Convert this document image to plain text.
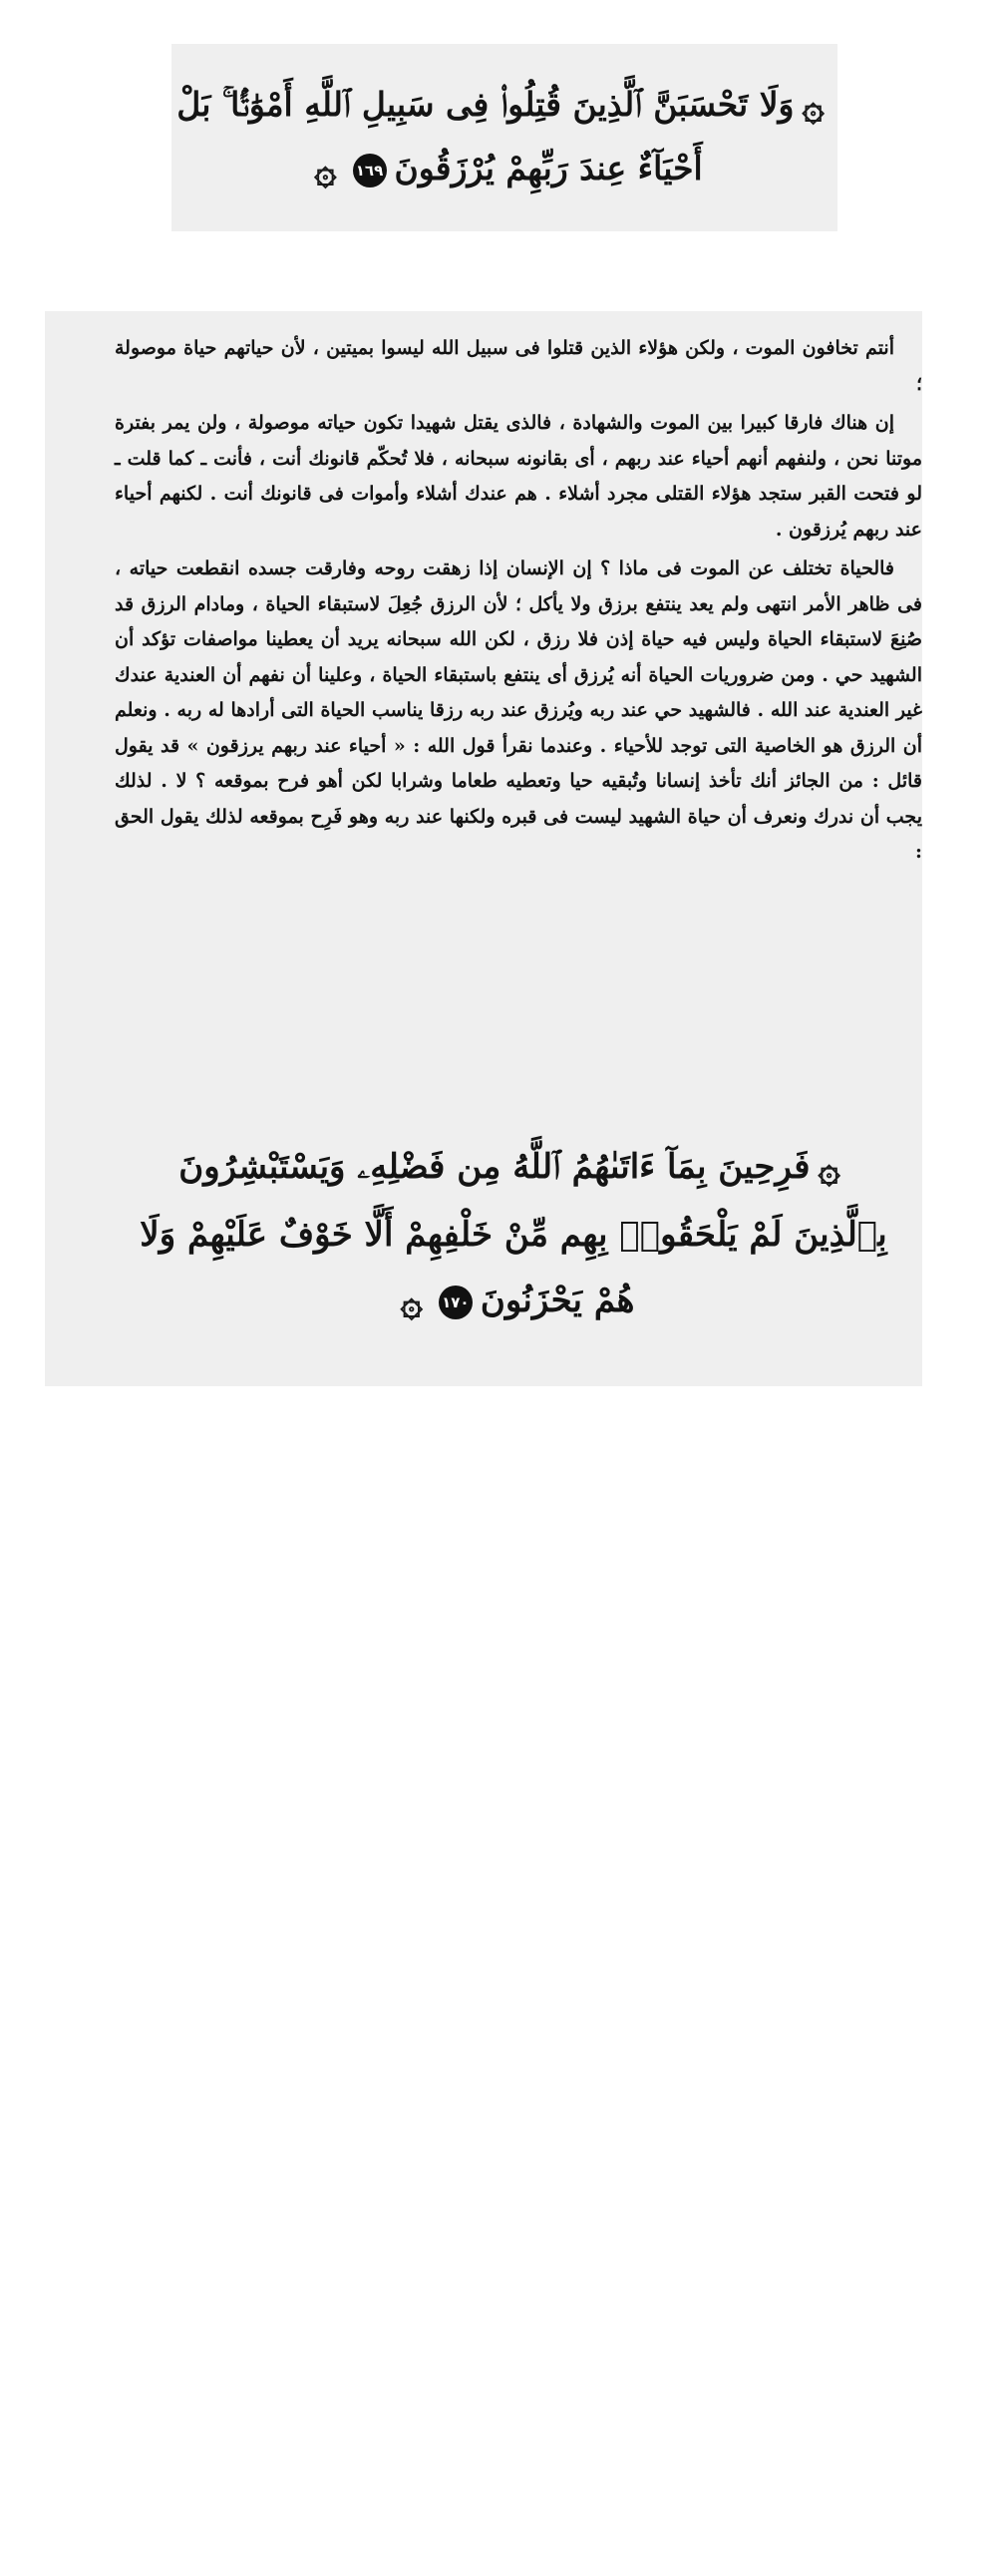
۞وَلَا تَحْسَبَنَّ ٱلَّذِينَ قُتِلُوا۟ فِى سَبِيلِ ٱللَّهِ أَمْوَٰتًۢا ۚ بَلْ
أَحْيَآءٌ عِندَ رَبِّهِمْ يُرْزَقُونَ١٦٩۞

أنتم تخافون الموت ، ولكن هؤلاء الذين قتلوا فى سبيل الله ليسوا بميتين ، لأن حياتهم حياة موصولة ؛

إن هناك فارقا كبيرا بين الموت والشهادة ، فالذى يقتل شهيدا تكون حياته موصولة ، ولن يمر بفترة موتنا نحن ، ولنفهم أنهم أحياء عند ربهم ، أى بقانونه سبحانه ، فلا تُحكّم قانونك أنت ، فأنت ـ كما قلت ـ لو فتحت القبر ستجد هؤلاء القتلى مجرد أشلاء . هم عندك أشلاء وأموات فى قانونك أنت . لكنهم أحياء عند ربهم يُرزقون .

فالحياة تختلف عن الموت فى ماذا ؟ إن الإنسان إذا زهقت روحه وفارقت جسده انقطعت حياته ، فى ظاهر الأمر انتهى ولم يعد ينتفع برزق ولا يأكل ؛ لأن الرزق جُعِلَ لاستبقاء الحياة ، ومادام الرزق قد صُنِعَ لاستبقاء الحياة وليس فيه حياة إذن فلا رزق ، لكن الله سبحانه يريد أن يعطينا مواصفات تؤكد أن الشهيد حي . ومن ضروريات الحياة أنه يُرزق أى ينتفع باستبقاء الحياة ، وعلينا أن نفهم أن العندية عندك غير العندية عند الله . فالشهيد حي عند ربه ويُرزق عند ربه رزقا يناسب الحياة التى أرادها له ربه . ونعلم أن الرزق هو الخاصية التى توجد للأحياء . وعندما نقرأ قول الله : « أحياء عند ربهم يرزقون » قد يقول قائل : من الجائز أنك تأخذ إنسانا وتُبقيه حيا وتعطيه طعاما وشرابا لكن أهو فرح بموقعه ؟ لا . لذلك يجب أن ندرك ونعرف أن حياة الشهيد ليست فى قبره ولكنها عند ربه وهو فَرِح بموقعه لذلك يقول الحق :

۞فَرِحِينَ بِمَآ ءَاتَىٰهُمُ ٱللَّهُ مِن فَضْلِهِۦ وَيَسْتَبْشِرُونَ
بِٱلَّذِينَ لَمْ يَلْحَقُوا۟ بِهِم مِّنْ خَلْفِهِمْ أَلَّا خَوْفٌ عَلَيْهِمْ وَلَا
هُمْ يَحْزَنُونَ١٧٠۞
